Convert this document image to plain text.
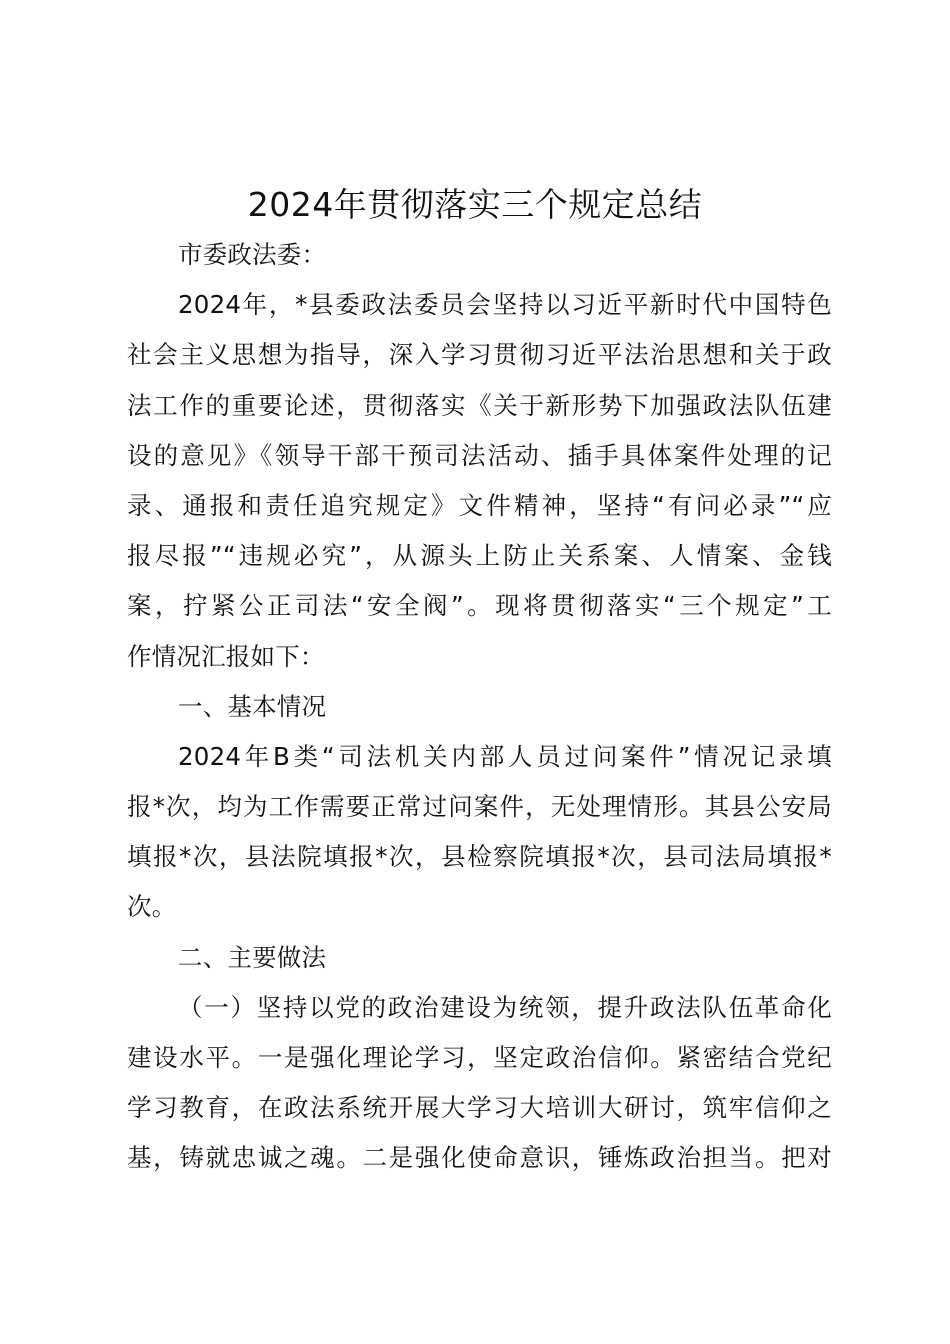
2024年贯彻落实三个规定总结
市委政法委：
2024年，*县委政法委员会坚持以习近平新时代中国特色
社会主义思想为指导，深入学习贯彻习近平法治思想和关于政
法工作的重要论述，贯彻落实《关于新形势下加强政法队伍建
设的意见》《领导干部干预司法活动、插手具体案件处理的记
录、通报和责任追究规定》文件精神，坚持“有问必录”“应
报尽报”“违规必究”，从源头上防止关系案、人情案、金钱
案，拧紧公正司法“安全阀”。现将贯彻落实“三个规定”工
作情况汇报如下：
一、基本情况
2024年B类“司法机关内部人员过问案件”情况记录填
报*次，均为工作需要正常过问案件，无处理情形。其县公安局
填报*次，县法院填报*次，县检察院填报*次，县司法局填报*
次。
二、主要做法
（一）坚持以党的政治建设为统领，提升政法队伍革命化
建设水平。一是强化理论学习，坚定政治信仰。紧密结合党纪
学习教育，在政法系统开展大学习大培训大研讨，筑牢信仰之
基，铸就忠诚之魂。二是强化使命意识，锤炼政治担当。把对
